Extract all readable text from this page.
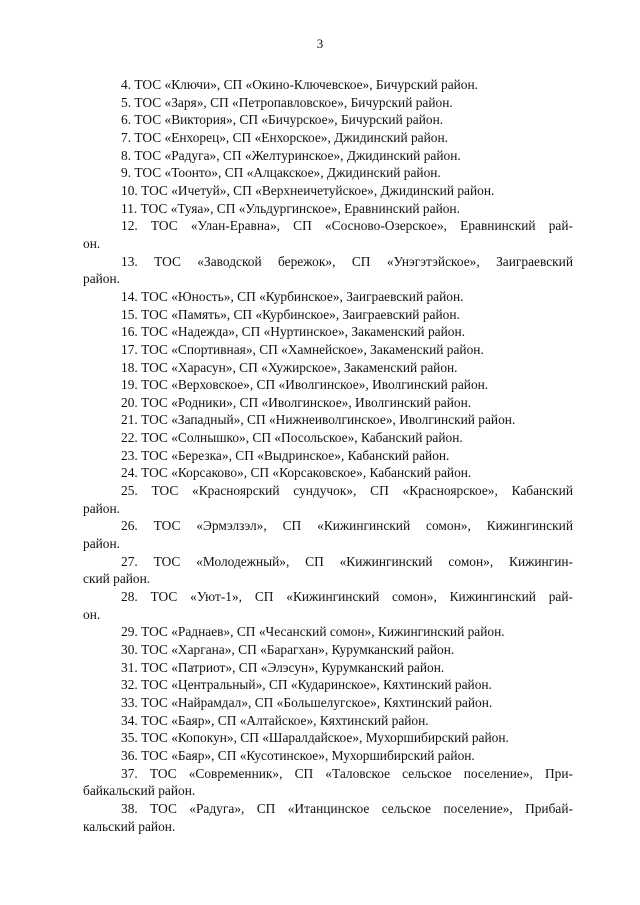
3
4. ТОС «Ключи», СП «Окино-Ключевское», Бичурский район.
5. ТОС «Заря», СП «Петропавловское», Бичурский район.
6. ТОС «Виктория», СП «Бичурское», Бичурский район.
7. ТОС «Енхорец», СП «Енхорское», Джидинский район.
8. ТОС «Радуга», СП «Желтуринское», Джидинский район.
9. ТОС «Тоонто», СП «Алцакское», Джидинский район.
10. ТОС «Ичетуй», СП «Верхнеичетуйское», Джидинский район.
11. ТОС «Туяа», СП «Ульдургинское», Еравнинский район.
12. ТОС «Улан-Еравна», СП «Сосново-Озерское», Еравнинский рай-
он.
13. ТОС «Заводской бережок», СП «Унэгэтэйское», Заиграевский
район.
14. ТОС «Юность», СП «Курбинское», Заиграевский район.
15. ТОС «Память», СП «Курбинское», Заиграевский район.
16. ТОС «Надежда», СП «Нуртинское», Закаменский район.
17. ТОС «Спортивная», СП «Хамнейское», Закаменский район.
18. ТОС «Харасун», СП «Хужирское», Закаменский район.
19. ТОС «Верховское», СП «Иволгинское», Иволгинский район.
20. ТОС «Родники», СП «Иволгинское», Иволгинский район.
21. ТОС «Западный», СП «Нижнеиволгинское», Иволгинский район.
22. ТОС «Солнышко», СП «Посольское», Кабанский район.
23. ТОС «Березка», СП «Выдринское», Кабанский район.
24. ТОС «Корсаково», СП «Корсаковское», Кабанский район.
25. ТОС «Красноярский сундучок», СП «Красноярское», Кабанский
район.
26. ТОС «Эрмэлзэл», СП «Кижингинский сомон», Кижингинский
район.
27. ТОС «Молодежный», СП «Кижингинский сомон», Кижингин-
ский район.
28. ТОС «Уют-1», СП «Кижингинский сомон», Кижингинский рай-
он.
29. ТОС «Раднаев», СП «Чесанский сомон», Кижингинский район.
30. ТОС «Харгана», СП «Барагхан», Курумканский район.
31. ТОС «Патриот», СП «Элэсун», Курумканский район.
32. ТОС «Центральный», СП «Кударинское», Кяхтинский район.
33. ТОС «Найрамдал», СП «Большелугское», Кяхтинский район.
34. ТОС «Баяр», СП «Алтайское», Кяхтинский район.
35. ТОС «Копокун», СП «Шаралдайское», Мухоршибирский район.
36. ТОС «Баяр», СП «Кусотинское», Мухоршибирский район.
37. ТОС «Современник», СП «Таловское сельское поселение», При-
байкальский район.
38. ТОС «Радуга», СП «Итанцинское сельское поселение», Прибай-
кальский район.
